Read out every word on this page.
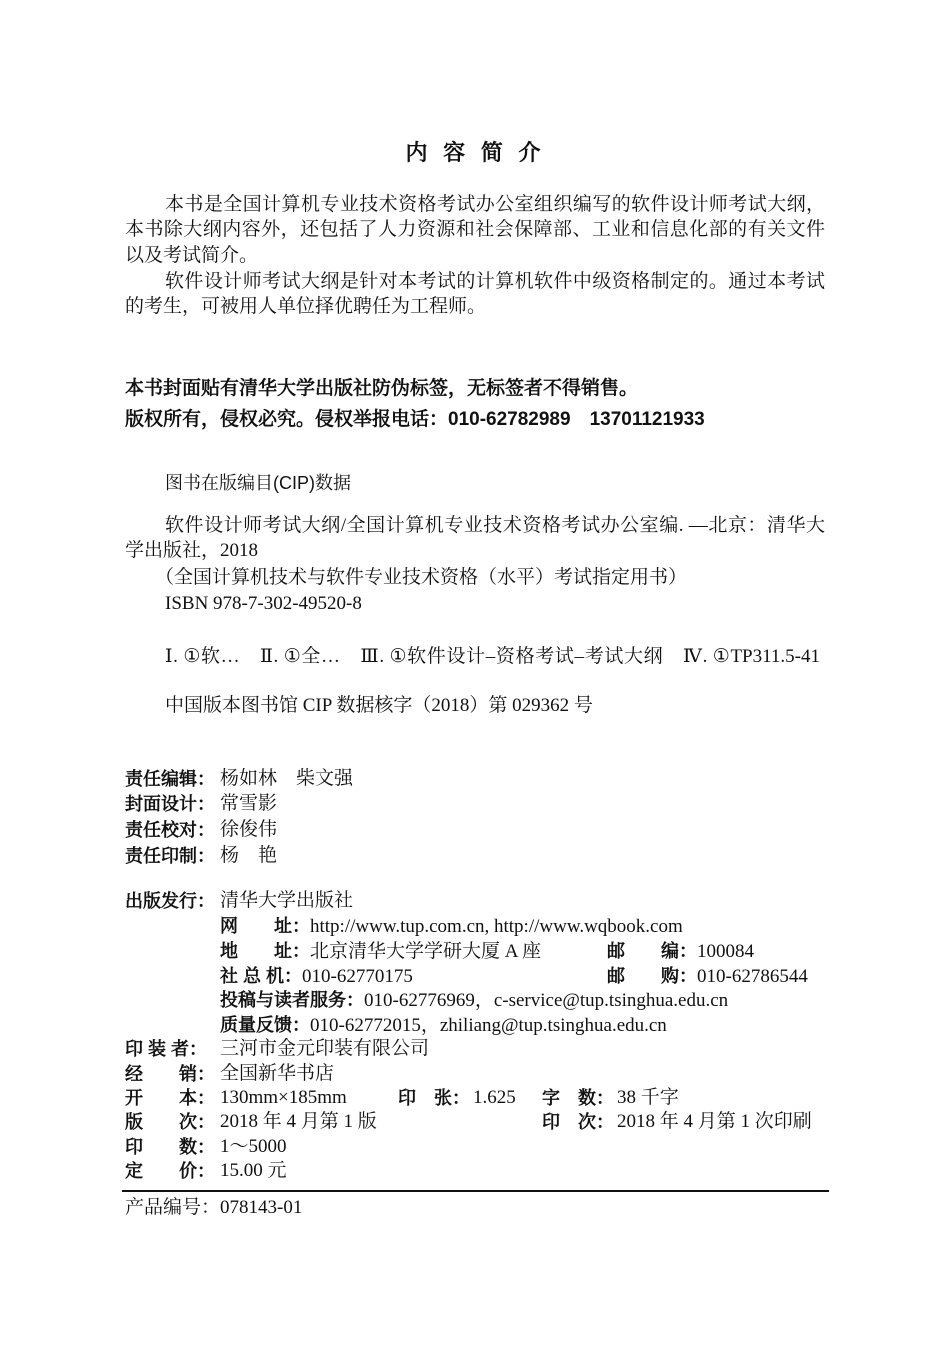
内 容 简 介
本书是全国计算机专业技术资格考试办公室组织编写的软件设计师考试大纲，
本书除大纲内容外，还包括了人力资源和社会保障部、工业和信息化部的有关文件
以及考试简介。
软件设计师考试大纲是针对本考试的计算机软件中级资格制定的。通过本考试
的考生，可被用人单位择优聘任为工程师。
本书封面贴有清华大学出版社防伪标签，无标签者不得销售。
版权所有，侵权必究。侵权举报电话：010-62782989　13701121933
图书在版编目(CIP)数据
软件设计师考试大纲/全国计算机专业技术资格考试办公室编. —北京：清华大
学出版社，2018
（全国计算机技术与软件专业技术资格（水平）考试指定用书）
ISBN 978-7-302-49520-8
Ⅰ. ①软…　Ⅱ. ①全…　Ⅲ. ①软件设计–资格考试–考试大纲　Ⅳ. ①TP311.5-41
中国版本图书馆 CIP 数据核字（2018）第 029362 号
责任编辑： 杨如林　柴文强
封面设计： 常雪影
责任校对： 徐俊伟
责任印制： 杨　艳
出版发行： 清华大学出版社
网　　址：http://www.tup.com.cn, http://www.wqbook.com
地　　址：北京清华大学学研大厦 A 座	邮　　编：100084
社 总 机：010-62770175	邮　　购：010-62786544
投稿与读者服务：010-62776969，c-service@tup.tsinghua.edu.cn
质量反馈：010-62772015，zhiliang@tup.tsinghua.edu.cn
印 装 者： 三河市金元印装有限公司
经　　销： 全国新华书店
开　　本： 130mm×185mm	印　张： 1.625 字　数： 38 千字
版　　次： 2018 年 4 月第 1 版	印　次： 2018 年 4 月第 1 次印刷
印　　数： 1～5000
定　　价： 15.00 元
产品编号：078143-01
